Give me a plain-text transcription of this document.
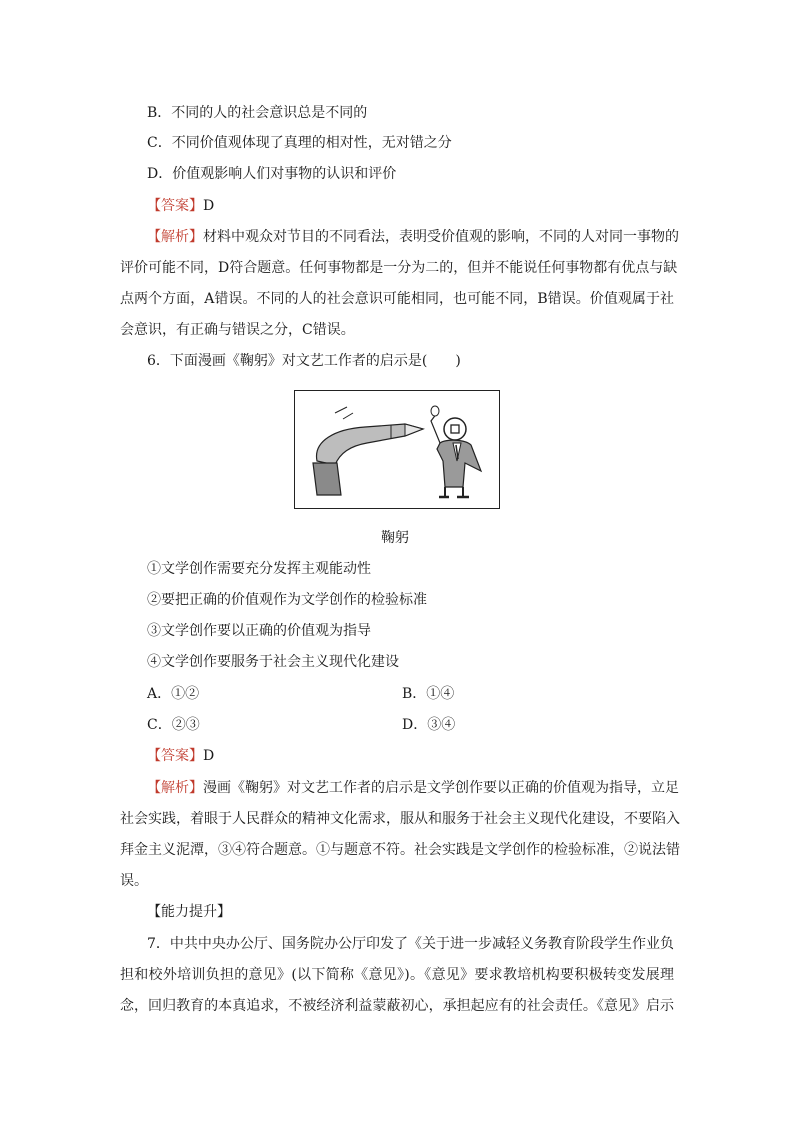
B．不同的人的社会意识总是不同的
C．不同价值观体现了真理的相对性，无对错之分
D．价值观影响人们对事物的认识和评价
【答案】D
【解析】材料中观众对节目的不同看法，表明受价值观的影响，不同的人对同一事物的
评价可能不同，D符合题意。任何事物都是一分为二的，但并不能说任何事物都有优点与缺
点两个方面，A错误。不同的人的社会意识可能相同，也可能不同，B错误。价值观属于社
会意识，有正确与错误之分，C错误。
6．下面漫画《鞠躬》对文艺工作者的启示是(　　)
鞠躬
①文学创作需要充分发挥主观能动性
②要把正确的价值观作为文学创作的检验标准
③文学创作要以正确的价值观为指导
④文学创作要服务于社会主义现代化建设
A．①②	B．①④
C．②③	D．③④
【答案】D
【解析】漫画《鞠躬》对文艺工作者的启示是文学创作要以正确的价值观为指导，立足
社会实践，着眼于人民群众的精神文化需求，服从和服务于社会主义现代化建设，不要陷入
拜金主义泥潭，③④符合题意。①与题意不符。社会实践是文学创作的检验标准，②说法错
误。
【能力提升】
7．中共中央办公厅、国务院办公厅印发了《关于进一步减轻义务教育阶段学生作业负
担和校外培训负担的意见》(以下简称《意见》)。《意见》要求教培机构要积极转变发展理
念，回归教育的本真追求，不被经济利益蒙蔽初心，承担起应有的社会责任。《意见》启示
